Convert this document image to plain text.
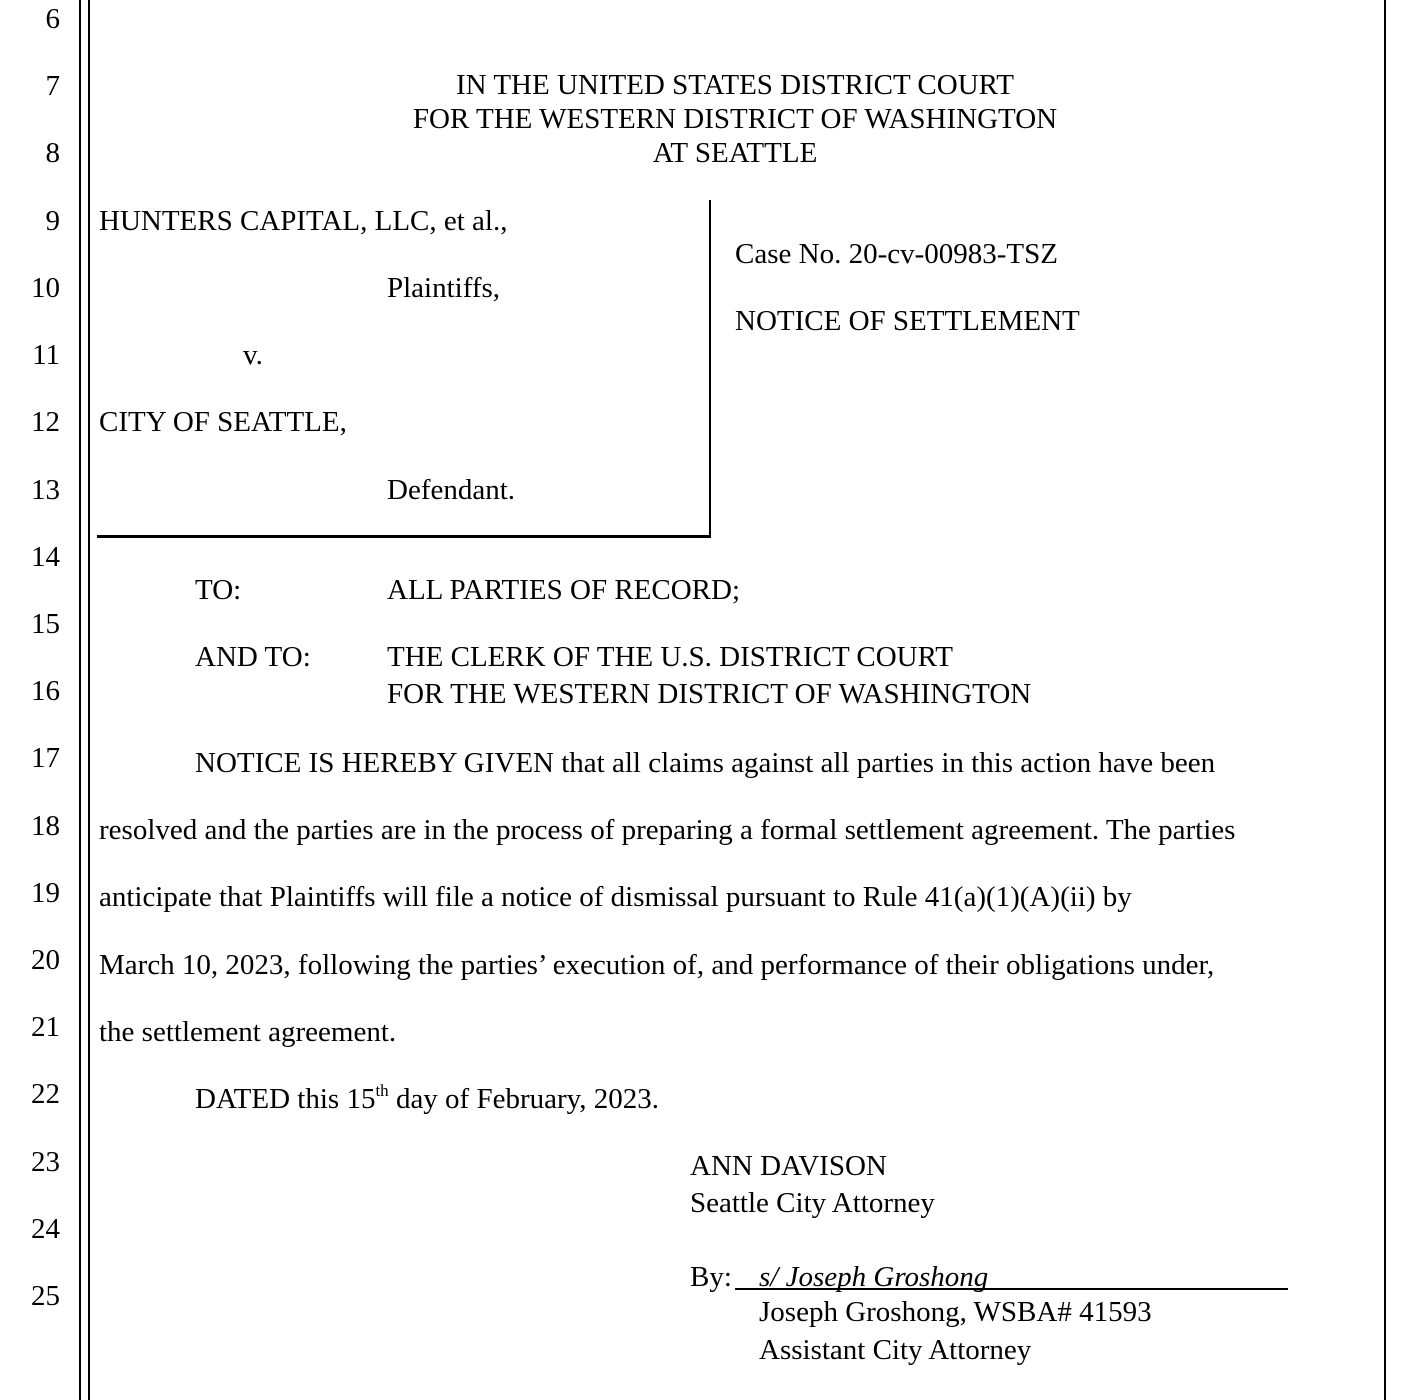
6
7
8
9
10
11
12
13
14
15
16
17
18
19
20
21
22
23
24
25
IN THE UNITED STATES DISTRICT COURT
FOR THE WESTERN DISTRICT OF WASHINGTON
AT SEATTLE
HUNTERS CAPITAL, LLC, et al.,
Plaintiffs,
v.
CITY OF SEATTLE,
Defendant.
Case No. 20-cv-00983-TSZ
NOTICE OF SETTLEMENT
TO:	ALL PARTIES OF RECORD;
AND TO:	THE CLERK OF THE U.S. DISTRICT COURT
FOR THE WESTERN DISTRICT OF WASHINGTON
NOTICE IS HEREBY GIVEN that all claims against all parties in this action have been
resolved and the parties are in the process of preparing a formal settlement agreement. The parties
anticipate that Plaintiffs will file a notice of dismissal pursuant to Rule 41(a)(1)(A)(ii) by
March 10, 2023, following the parties’ execution of, and performance of their obligations under,
the settlement agreement.
DATED this 15th day of February, 2023.
ANN DAVISON
Seattle City Attorney
By: s/ Joseph Groshong
Joseph Groshong, WSBA# 41593
Assistant City Attorney
